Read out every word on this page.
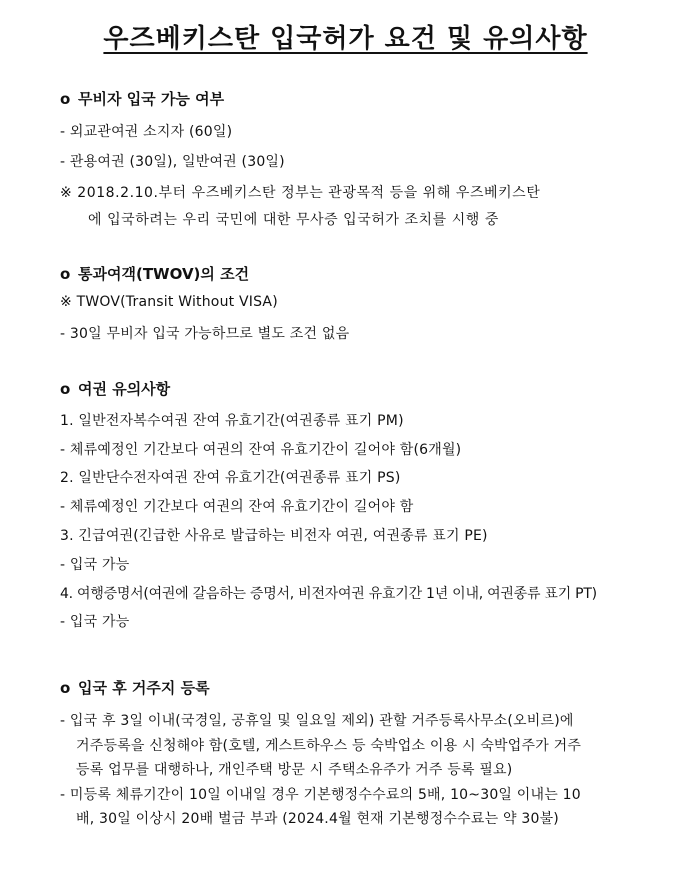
우즈베키스탄 입국허가 요건 및 유의사항
o 무비자 입국 가능 여부
- 외교관여권 소지자 (60일)
- 관용여권 (30일), 일반여권 (30일)
※ 2018.2.10.부터 우즈베키스탄 정부는 관광목적 등을 위해 우즈베키스탄
에 입국하려는 우리 국민에 대한 무사증 입국허가 조치를 시행 중
o 통과여객(TWOV)의 조건
※ TWOV(Transit Without VISA)
- 30일 무비자 입국 가능하므로 별도 조건 없음
o 여권 유의사항
1. 일반전자복수여권 잔여 유효기간(여권종류 표기 PM)
- 체류예정인 기간보다 여권의 잔여 유효기간이 길어야 함(6개월)
2. 일반단수전자여권 잔여 유효기간(여권종류 표기 PS)
- 체류예정인 기간보다 여권의 잔여 유효기간이 길어야 함
3. 긴급여권(긴급한 사유로 발급하는 비전자 여권, 여권종류 표기 PE)
- 입국 가능
4. 여행증명서(여권에 갈음하는 증명서, 비전자여권 유효기간 1년 이내, 여권종류 표기 PT)
- 입국 가능
o 입국 후 거주지 등록
- 입국 후 3일 이내(국경일, 공휴일 및 일요일 제외) 관할 거주등록사무소(오비르)에
거주등록을 신청해야 함(호텔, 게스트하우스 등 숙박업소 이용 시 숙박업주가 거주
등록 업무를 대행하나, 개인주택 방문 시 주택소유주가 거주 등록 필요)
- 미등록 체류기간이 10일 이내일 경우 기본행정수수료의 5배, 10~30일 이내는 10
배, 30일 이상시 20배 벌금 부과 (2024.4월 현재 기본행정수수료는 약 30불)
